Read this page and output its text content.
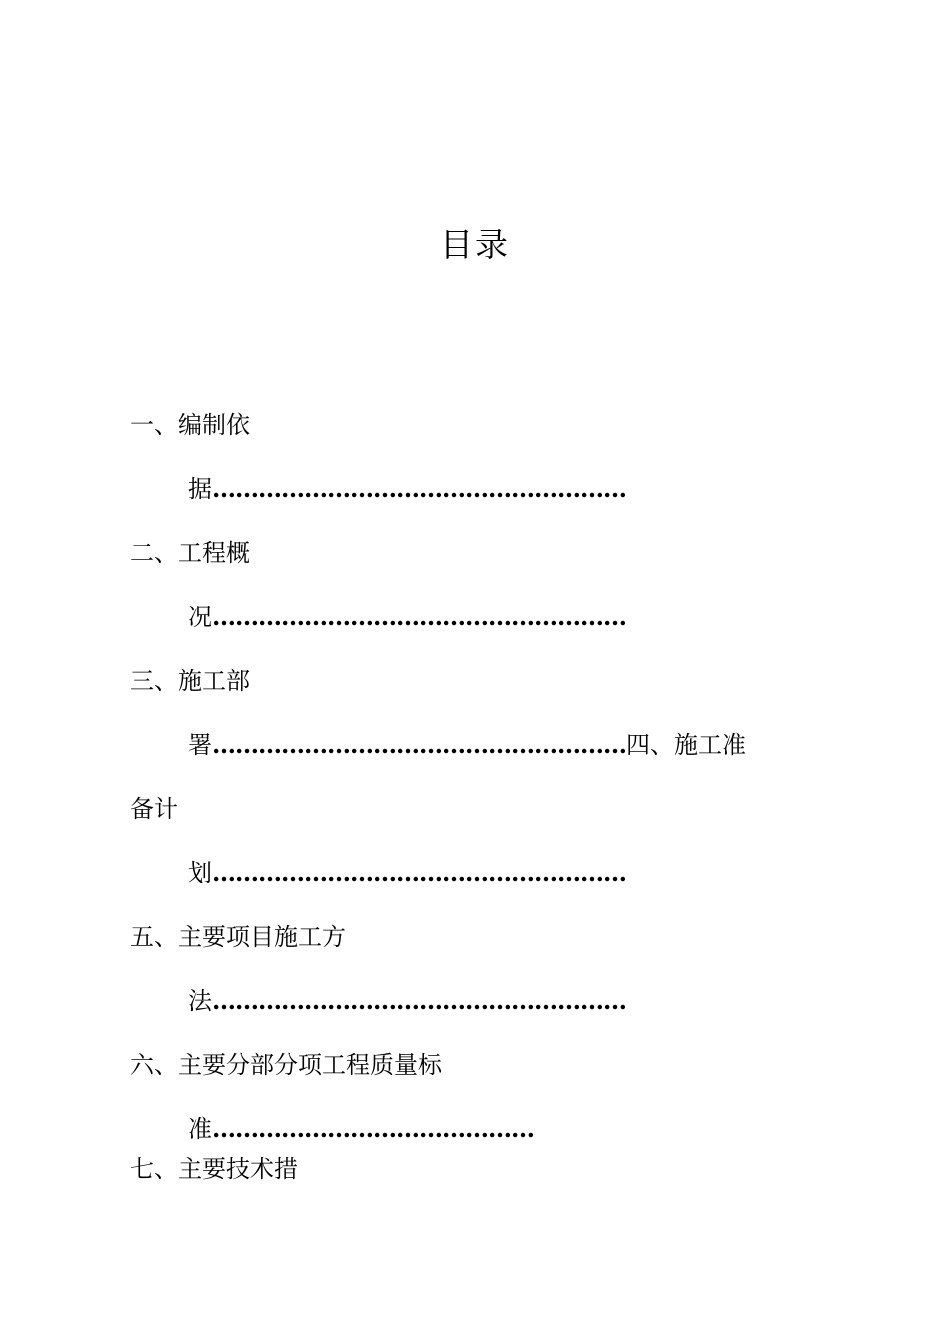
目录
一、编制依
据………………………………………………
二、工程概
况………………………………………………
三、施工部
署………………………………………………四、施工准
备计
划………………………………………………
五、主要项目施工方
法………………………………………………
六、主要分部分项工程质量标
准……………………………………
七、主要技术措
